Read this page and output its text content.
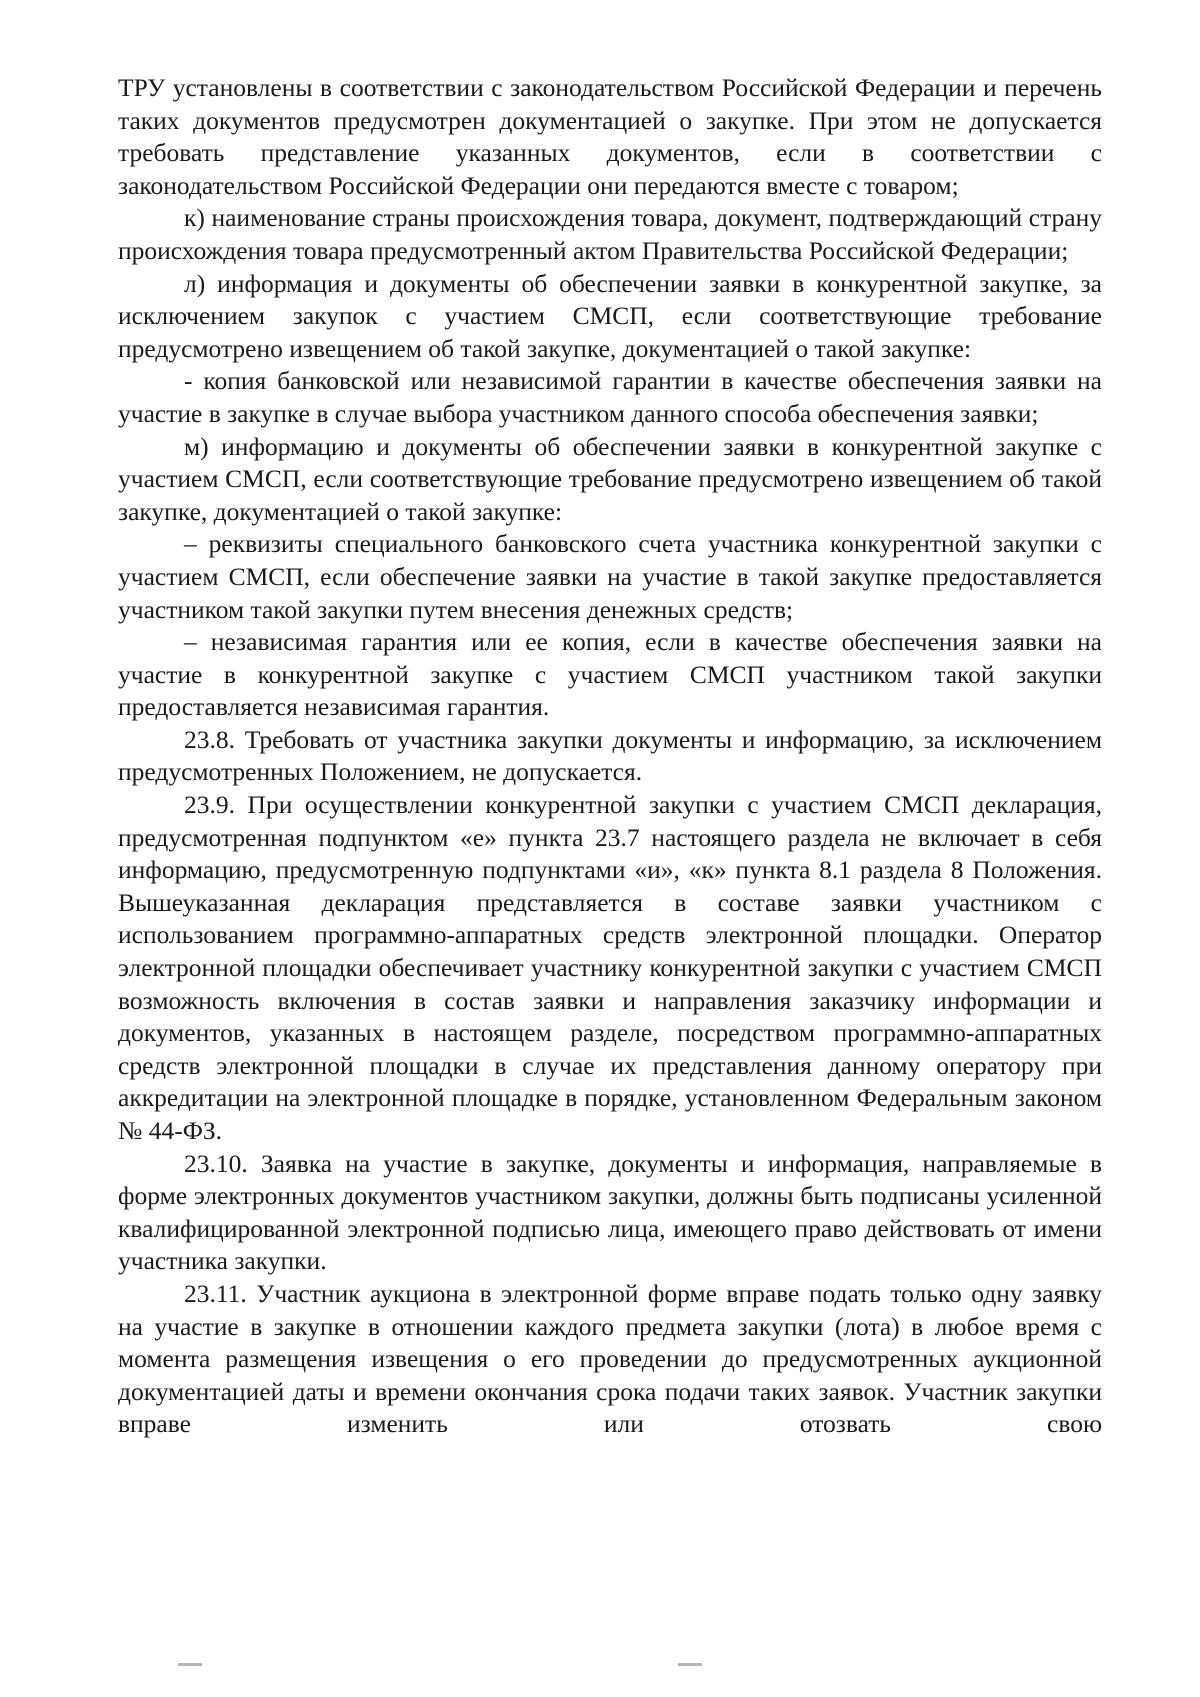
ТРУ установлены в соответствии с законодательством Российской Федерации и перечень таких документов предусмотрен документацией о закупке. При этом не допускается требовать представление указанных документов, если в соответствии с законодательством Российской Федерации они передаются вместе с товаром;

к) наименование страны происхождения товара, документ, подтверждающий страну происхождения товара предусмотренный актом Правительства Российской Федерации;

л) информация и документы об обеспечении заявки в конкурентной закупке, за исключением закупок с участием СМСП, если соответствующие требование предусмотрено извещением об такой закупке, документацией о такой закупке:

- копия банковской или независимой гарантии в качестве обеспечения заявки на участие в закупке в случае выбора участником данного способа обеспечения заявки;

м) информацию и документы об обеспечении заявки в конкурентной закупке с участием СМСП, если соответствующие требование предусмотрено извещением об такой закупке, документацией о такой закупке:

– реквизиты специального банковского счета участника конкурентной закупки с участием СМСП, если обеспечение заявки на участие в такой закупке предоставляется участником такой закупки путем внесения денежных средств;

– независимая гарантия или ее копия, если в качестве обеспечения заявки на участие в конкурентной закупке с участием СМСП участником такой закупки предоставляется независимая гарантия.

23.8. Требовать от участника закупки документы и информацию, за исключением предусмотренных Положением, не допускается.

23.9. При осуществлении конкурентной закупки с участием СМСП декларация, предусмотренная подпунктом «е» пункта 23.7 настоящего раздела не включает в себя информацию, предусмотренную подпунктами «и», «к» пункта 8.1 раздела 8 Положения. Вышеуказанная декларация представляется в составе заявки участником с использованием программно-аппаратных средств электронной площадки. Оператор электронной площадки обеспечивает участнику конкурентной закупки с участием СМСП возможность включения в состав заявки и направления заказчику информации и документов, указанных в настоящем разделе, посредством программно-аппаратных средств электронной площадки в случае их представления данному оператору при аккредитации на электронной площадке в порядке, установленном Федеральным законом № 44-ФЗ.

23.10. Заявка на участие в закупке, документы и информация, направляемые в форме электронных документов участником закупки, должны быть подписаны усиленной квалифицированной электронной подписью лица, имеющего право действовать от имени участника закупки.

23.11. Участник аукциона в электронной форме вправе подать только одну заявку на участие в закупке в отношении каждого предмета закупки (лота) в любое время с момента размещения извещения о его проведении до предусмотренных аукционной документацией даты и времени окончания срока подачи таких заявок. Участник закупки вправе изменить или отозвать свою
